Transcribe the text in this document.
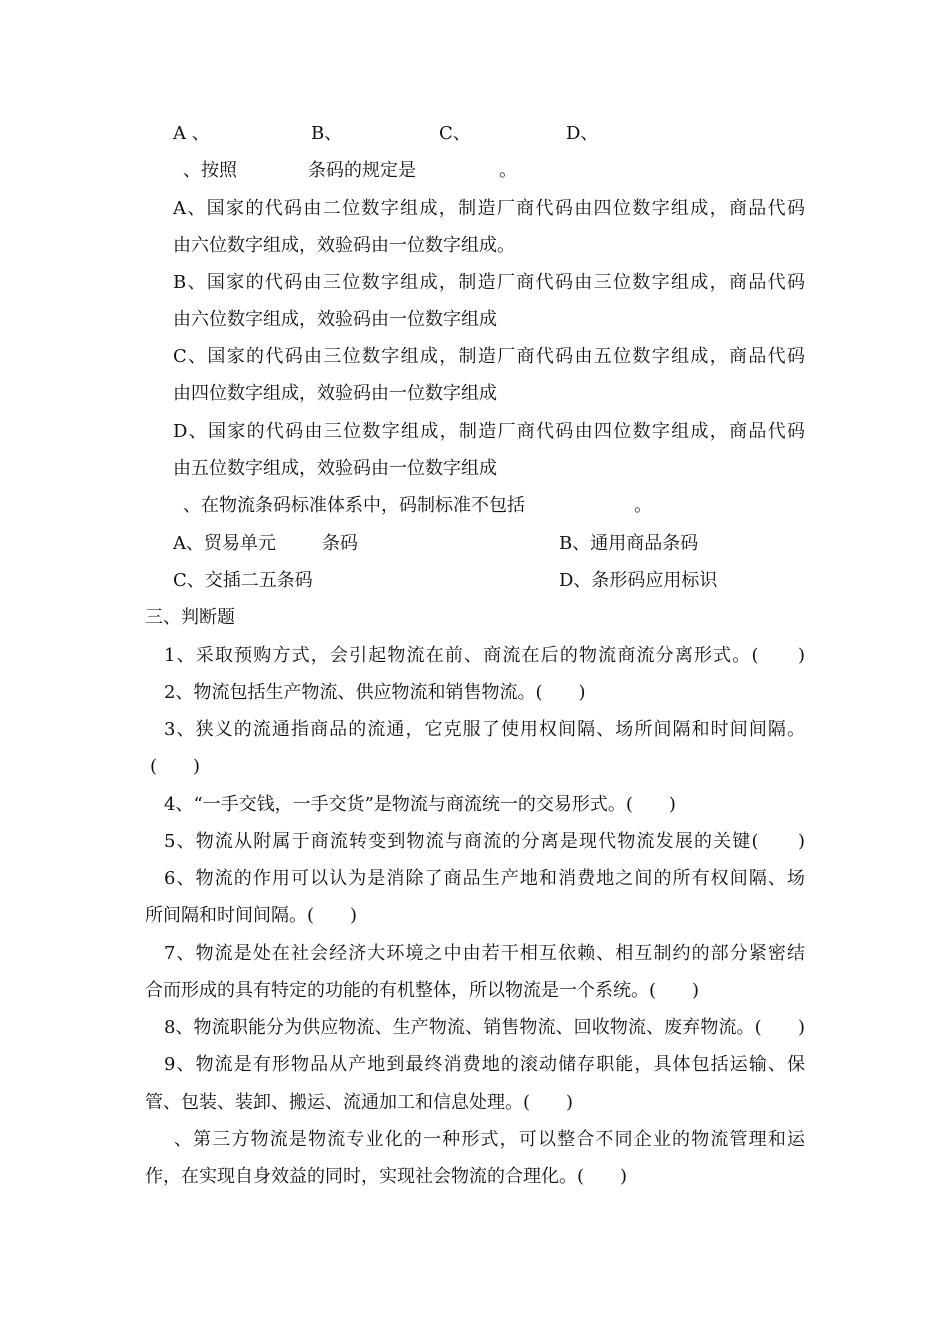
A 、	B、	C、	D、
、按照	条码的规定是	。
A、国家的代码由二位数字组成，制造厂商代码由四位数字组成，商品代码
由六位数字组成，效验码由一位数字组成。
B、国家的代码由三位数字组成，制造厂商代码由三位数字组成，商品代码
由六位数字组成，效验码由一位数字组成
C、国家的代码由三位数字组成，制造厂商代码由五位数字组成，商品代码
由四位数字组成，效验码由一位数字组成
D、国家的代码由三位数字组成，制造厂商代码由四位数字组成，商品代码
由五位数字组成，效验码由一位数字组成
、在物流条码标准体系中，码制标准不包括	。
A、贸易单元	条码	B、通用商品条码
C、交插二五条码	D、条形码应用标识
三、判断题
1、采取预购方式，会引起物流在前、商流在后的物流商流分离形式。(　　)
2、物流包括生产物流、供应物流和销售物流。(　　)
3、狭义的流通指商品的流通，它克服了使用权间隔、场所间隔和时间间隔。
(　　)
4、“一手交钱，一手交货”是物流与商流统一的交易形式。(　　)
5、物流从附属于商流转变到物流与商流的分离是现代物流发展的关键(　　)
6、物流的作用可以认为是消除了商品生产地和消费地之间的所有权间隔、场
所间隔和时间间隔。(　　)
7、物流是处在社会经济大环境之中由若干相互依赖、相互制约的部分紧密结
合而形成的具有特定的功能的有机整体，所以物流是一个系统。(　　)
8、物流职能分为供应物流、生产物流、销售物流、回收物流、废弃物流。(　　)
9、物流是有形物品从产地到最终消费地的滚动储存职能，具体包括运输、保
管、包装、装卸、搬运、流通加工和信息处理。(　　)
、第三方物流是物流专业化的一种形式，可以整合不同企业的物流管理和运
作，在实现自身效益的同时，实现社会物流的合理化。(　　)
